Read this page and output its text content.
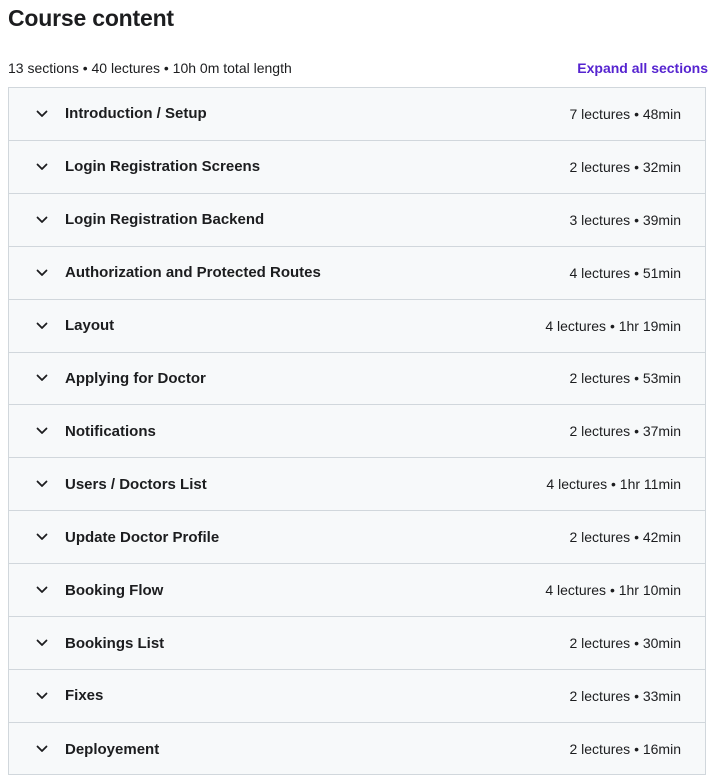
Course content
13 sections • 40 lectures • 10h 0m total length	Expand all sections
Introduction / Setup	7 lectures • 48min
Login Registration Screens	2 lectures • 32min
Login Registration Backend	3 lectures • 39min
Authorization and Protected Routes	4 lectures • 51min
Layout	4 lectures • 1hr 19min
Applying for Doctor	2 lectures • 53min
Notifications	2 lectures • 37min
Users / Doctors List	4 lectures • 1hr 11min
Update Doctor Profile	2 lectures • 42min
Booking Flow	4 lectures • 1hr 10min
Bookings List	2 lectures • 30min
Fixes	2 lectures • 33min
Deployement	2 lectures • 16min
